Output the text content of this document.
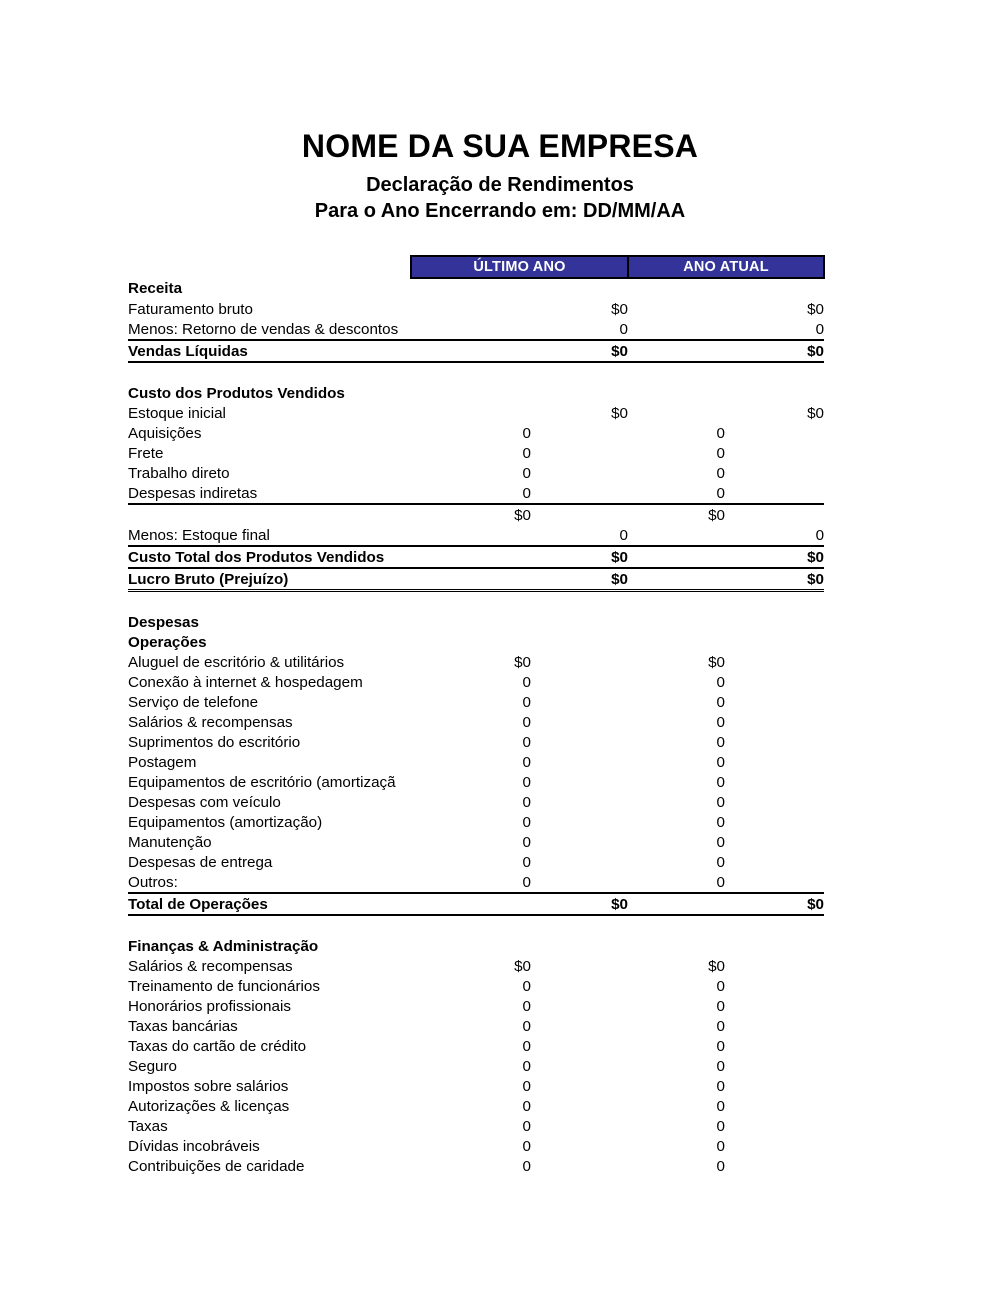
NOME DA SUA EMPRESA
Declaração de Rendimentos
Para o Ano Encerrando em: DD/MM/AA
	ÚLTIMO ANO		ANO ATUAL	
Receita				
Faturamento bruto		$0		$0
Menos: Retorno de vendas & descontos		0		0
Vendas Líquidas		$0		$0

Custo dos Produtos Vendidos				
Estoque inicial		$0		$0
Aquisições	0		0	
Frete	0		0	
Trabalho direto	0		0	
Despesas indiretas	0		0	
	$0		$0	
Menos: Estoque final		0		0
Custo Total dos Produtos Vendidos		$0		$0
Lucro Bruto (Prejuízo)		$0		$0

Despesas				
Operações				
Aluguel de escritório & utilitários	$0		$0	
Conexão à internet & hospedagem	0		0	
Serviço de telefone	0		0	
Salários & recompensas	0		0	
Suprimentos do escritório	0		0	
Postagem	0		0	
Equipamentos de escritório (amortizaçã	0		0	
Despesas com veículo	0		0	
Equipamentos (amortização)	0		0	
Manutenção	0		0	
Despesas de entrega	0		0	
Outros:	0		0	
Total de Operações		$0		$0

Finanças & Administração				
Salários & recompensas	$0		$0	
Treinamento de funcionários	0		0	
Honorários profissionais	0		0	
Taxas bancárias	0		0	
Taxas do cartão de crédito	0		0	
Seguro	0		0	
Impostos sobre salários	0		0	
Autorizações & licenças	0		0	
Taxas	0		0	
Dívidas incobráveis	0		0	
Contribuições de caridade	0		0	
